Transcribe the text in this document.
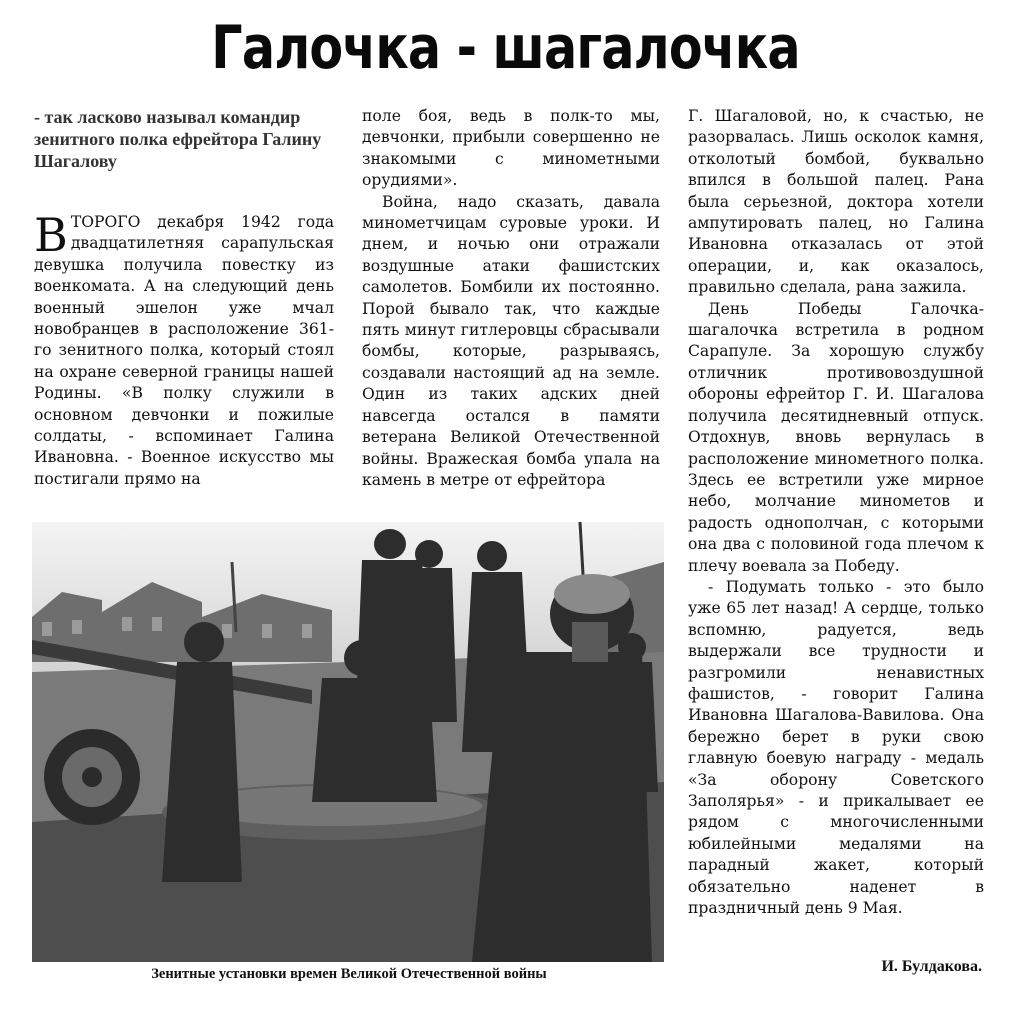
Галочка - шагалочка
- так ласково называл командир зенитного полка ефрейтора Галину Шагалову

ВТОРОГО декабря 1942 года двадцатилетняя сарапульская девушка получила повестку из военкомата. А на следующий день военный эшелон уже мчал новобранцев в расположение 361-го зенитного полка, который стоял на охране северной границы нашей Родины. «В полку служили в основном девчонки и пожилые солдаты, - вспоминает Галина Ивановна. - Военное искусство мы постигали прямо на

поле боя, ведь в полк-то мы, девчонки, прибыли совершенно не знакомыми с минометными орудиями».

Война, надо сказать, давала минометчицам суровые уроки. И днем, и ночью они отражали воздушные атаки фашистских самолетов. Бомбили их постоянно. Порой бывало так, что каждые пять минут гитлеровцы сбрасывали бомбы, которые, разрываясь, создавали настоящий ад на земле. Один из таких адских дней навсегда остался в памяти ветерана Великой Отечественной войны. Вражеская бомба упала на камень в метре от ефрейтора

Г. Шагаловой, но, к счастью, не разорвалась. Лишь осколок камня, отколотый бомбой, буквально впился в большой палец. Рана была серьезной, доктора хотели ампутировать палец, но Галина Ивановна отказалась от этой операции, и, как оказалось, правильно сделала, рана зажила.

День Победы Галочка-шагалочка встретила в родном Сарапуле. За хорошую службу отличник противовоздушной обороны ефрейтор Г. И. Шагалова получила десятидневный отпуск. Отдохнув, вновь вернулась в расположение минометного полка. Здесь ее встретили уже мирное небо, молчание минометов и радость однополчан, с которыми она два с половиной года плечом к плечу воевала за Победу.

- Подумать только - это было уже 65 лет назад! А сердце, только вспомню, радуется, ведь выдержали все трудности и разгромили ненавистных фашистов, - говорит Галина Ивановна Шагалова-Вавилова. Она бережно берет в руки свою главную боевую награду - медаль «За оборону Советского Заполярья» - и прикалывает ее рядом с многочисленными юбилейными медалями на парадный жакет, который обязательно наденет в праздничный день 9 Мая.

Зенитные установки времен Великой Отечественной войны	И. Булдакова.
